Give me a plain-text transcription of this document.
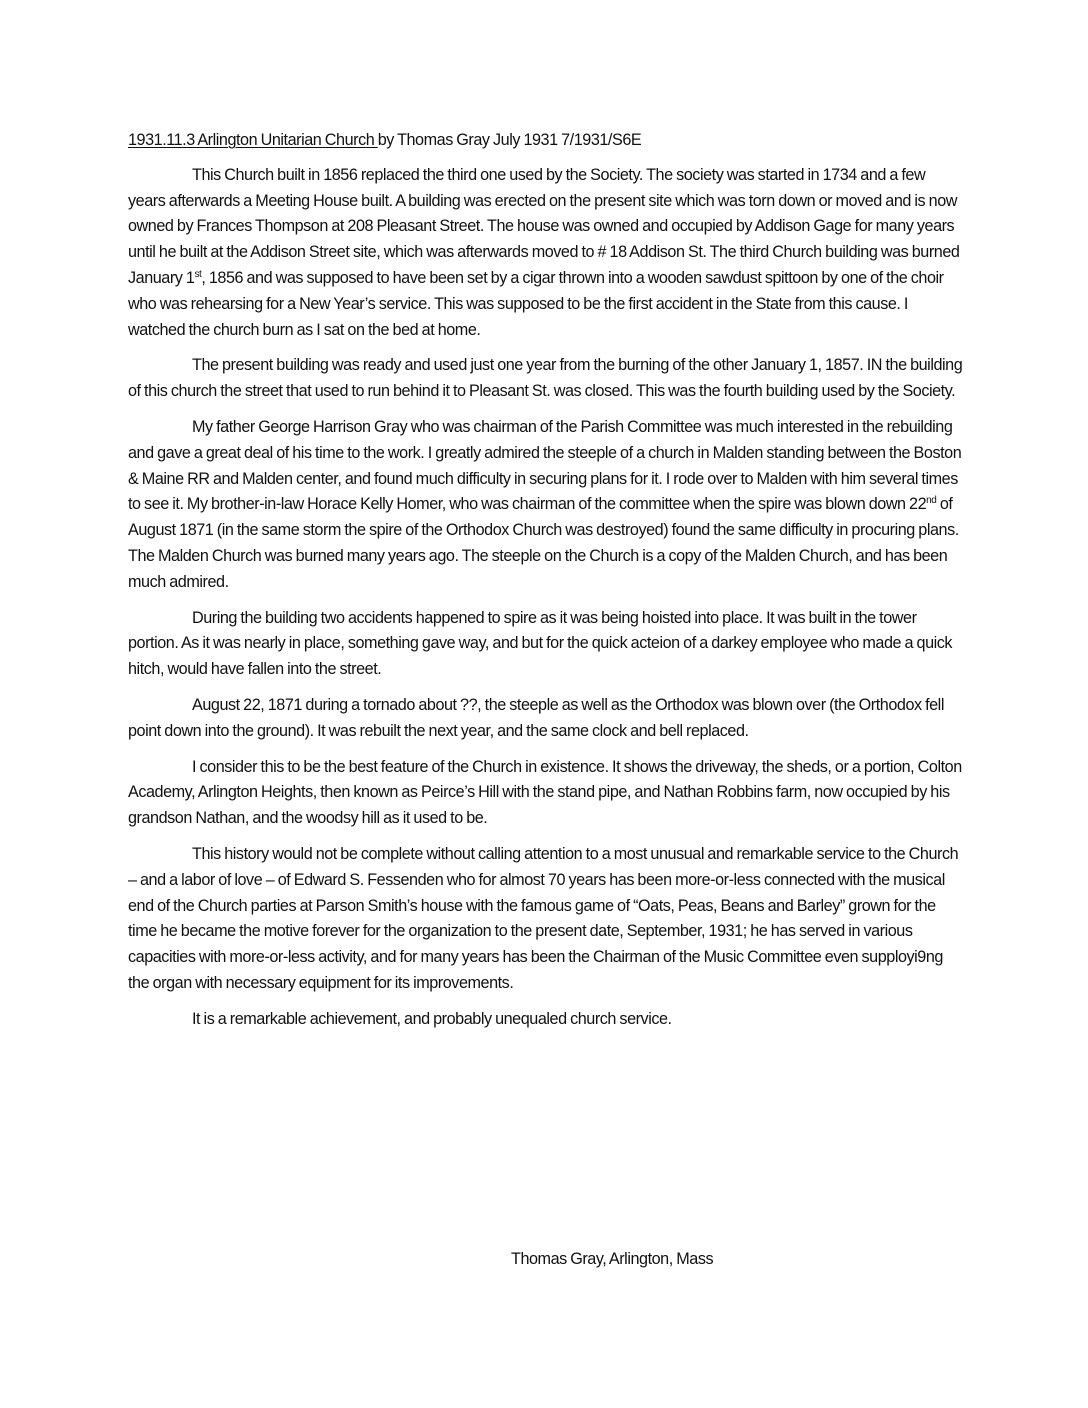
1931.11.3 Arlington Unitarian Church by Thomas Gray July 1931 7/1931/S6E

This Church built in 1856 replaced the third one used by the Society. The society was started in 1734 and a few years afterwards a Meeting House built. A building was erected on the present site which was torn down or moved and is now owned by Frances Thompson at 208 Pleasant Street. The house was owned and occupied by Addison Gage for many years until he built at the Addison Street site, which was afterwards moved to # 18 Addison St. The third Church building was burned January 1st, 1856 and was supposed to have been set by a cigar thrown into a wooden sawdust spittoon by one of the choir who was rehearsing for a New Year’s service. This was supposed to be the first accident in the State from this cause. I watched the church burn as I sat on the bed at home.

The present building was ready and used just one year from the burning of the other January 1, 1857. IN the building of this church the street that used to run behind it to Pleasant St. was closed. This was the fourth building used by the Society.

My father George Harrison Gray who was chairman of the Parish Committee was much interested in the rebuilding and gave a great deal of his time to the work. I greatly admired the steeple of a church in Malden standing between the Boston & Maine RR and Malden center, and found much difficulty in securing plans for it. I rode over to Malden with him several times to see it. My brother-in-law Horace Kelly Homer, who was chairman of the committee when the spire was blown down 22nd of August 1871 (in the same storm the spire of the Orthodox Church was destroyed) found the same difficulty in procuring plans. The Malden Church was burned many years ago. The steeple on the Church is a copy of the Malden Church, and has been much admired.

During the building two accidents happened to spire as it was being hoisted into place. It was built in the tower portion. As it was nearly in place, something gave way, and but for the quick acteion of a darkey employee who made a quick hitch, would have fallen into the street.

August 22, 1871 during a tornado about ??, the steeple as well as the Orthodox was blown over (the Orthodox fell point down into the ground). It was rebuilt the next year, and the same clock and bell replaced.

I consider this to be the best feature of the Church in existence. It shows the driveway, the sheds, or a portion, Colton Academy, Arlington Heights, then known as Peirce’s Hill with the stand pipe, and Nathan Robbins farm, now occupied by his grandson Nathan, and the woodsy hill as it used to be.

This history would not be complete without calling attention to a most unusual and remarkable service to the Church – and a labor of love – of Edward S. Fessenden who for almost 70 years has been more-or-less connected with the musical end of the Church parties at Parson Smith’s house with the famous game of “Oats, Peas, Beans and Barley” grown for the time he became the motive forever for the organization to the present date, September, 1931; he has served in various capacities with more-or-less activity, and for many years has been the Chairman of the Music Committee even supployi9ng the organ with necessary equipment for its improvements.

It is a remarkable achievement, and probably unequaled church service.

Thomas Gray, Arlington, Mass
